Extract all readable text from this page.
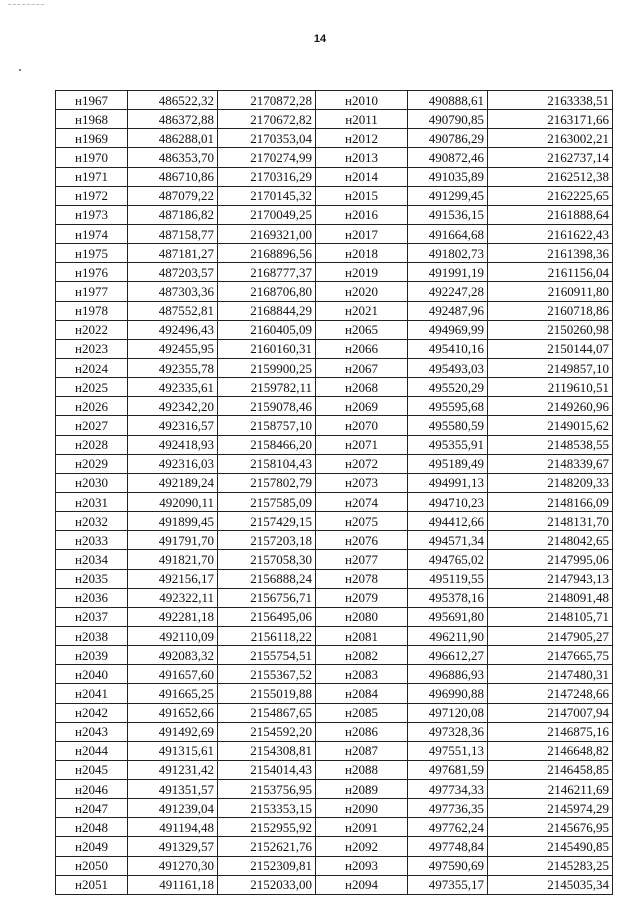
14
н1967	486522,32	2170872,28	н2010	490888,61	2163338,51
н1968	486372,88	2170672,82	н2011	490790,85	2163171,66
н1969	486288,01	2170353,04	н2012	490786,29	2163002,21
н1970	486353,70	2170274,99	н2013	490872,46	2162737,14
н1971	486710,86	2170316,29	н2014	491035,89	2162512,38
н1972	487079,22	2170145,32	н2015	491299,45	2162225,65
н1973	487186,82	2170049,25	н2016	491536,15	2161888,64
н1974	487158,77	2169321,00	н2017	491664,68	2161622,43
н1975	487181,27	2168896,56	н2018	491802,73	2161398,36
н1976	487203,57	2168777,37	н2019	491991,19	2161156,04
н1977	487303,36	2168706,80	н2020	492247,28	2160911,80
н1978	487552,81	2168844,29	н2021	492487,96	2160718,86
н2022	492496,43	2160405,09	н2065	494969,99	2150260,98
н2023	492455,95	2160160,31	н2066	495410,16	2150144,07
н2024	492355,78	2159900,25	н2067	495493,03	2149857,10
н2025	492335,61	2159782,11	н2068	495520,29	2119610,51
н2026	492342,20	2159078,46	н2069	495595,68	2149260,96
н2027	492316,57	2158757,10	н2070	495580,59	2149015,62
н2028	492418,93	2158466,20	н2071	495355,91	2148538,55
н2029	492316,03	2158104,43	н2072	495189,49	2148339,67
н2030	492189,24	2157802,79	н2073	494991,13	2148209,33
н2031	492090,11	2157585,09	н2074	494710,23	2148166,09
н2032	491899,45	2157429,15	н2075	494412,66	2148131,70
н2033	491791,70	2157203,18	н2076	494571,34	2148042,65
н2034	491821,70	2157058,30	н2077	494765,02	2147995,06
н2035	492156,17	2156888,24	н2078	495119,55	2147943,13
н2036	492322,11	2156756,71	н2079	495378,16	2148091,48
н2037	492281,18	2156495,06	н2080	495691,80	2148105,71
н2038	492110,09	2156118,22	н2081	496211,90	2147905,27
н2039	492083,32	2155754,51	н2082	496612,27	2147665,75
н2040	491657,60	2155367,52	н2083	496886,93	2147480,31
н2041	491665,25	2155019,88	н2084	496990,88	2147248,66
н2042	491652,66	2154867,65	н2085	497120,08	2147007,94
н2043	491492,69	2154592,20	н2086	497328,36	2146875,16
н2044	491315,61	2154308,81	н2087	497551,13	2146648,82
н2045	491231,42	2154014,43	н2088	497681,59	2146458,85
н2046	491351,57	2153756,95	н2089	497734,33	2146211,69
н2047	491239,04	2153353,15	н2090	497736,35	2145974,29
н2048	491194,48	2152955,92	н2091	497762,24	2145676,95
н2049	491329,57	2152621,76	н2092	497748,84	2145490,85
н2050	491270,30	2152309,81	н2093	497590,69	2145283,25
н2051	491161,18	2152033,00	н2094	497355,17	2145035,34
